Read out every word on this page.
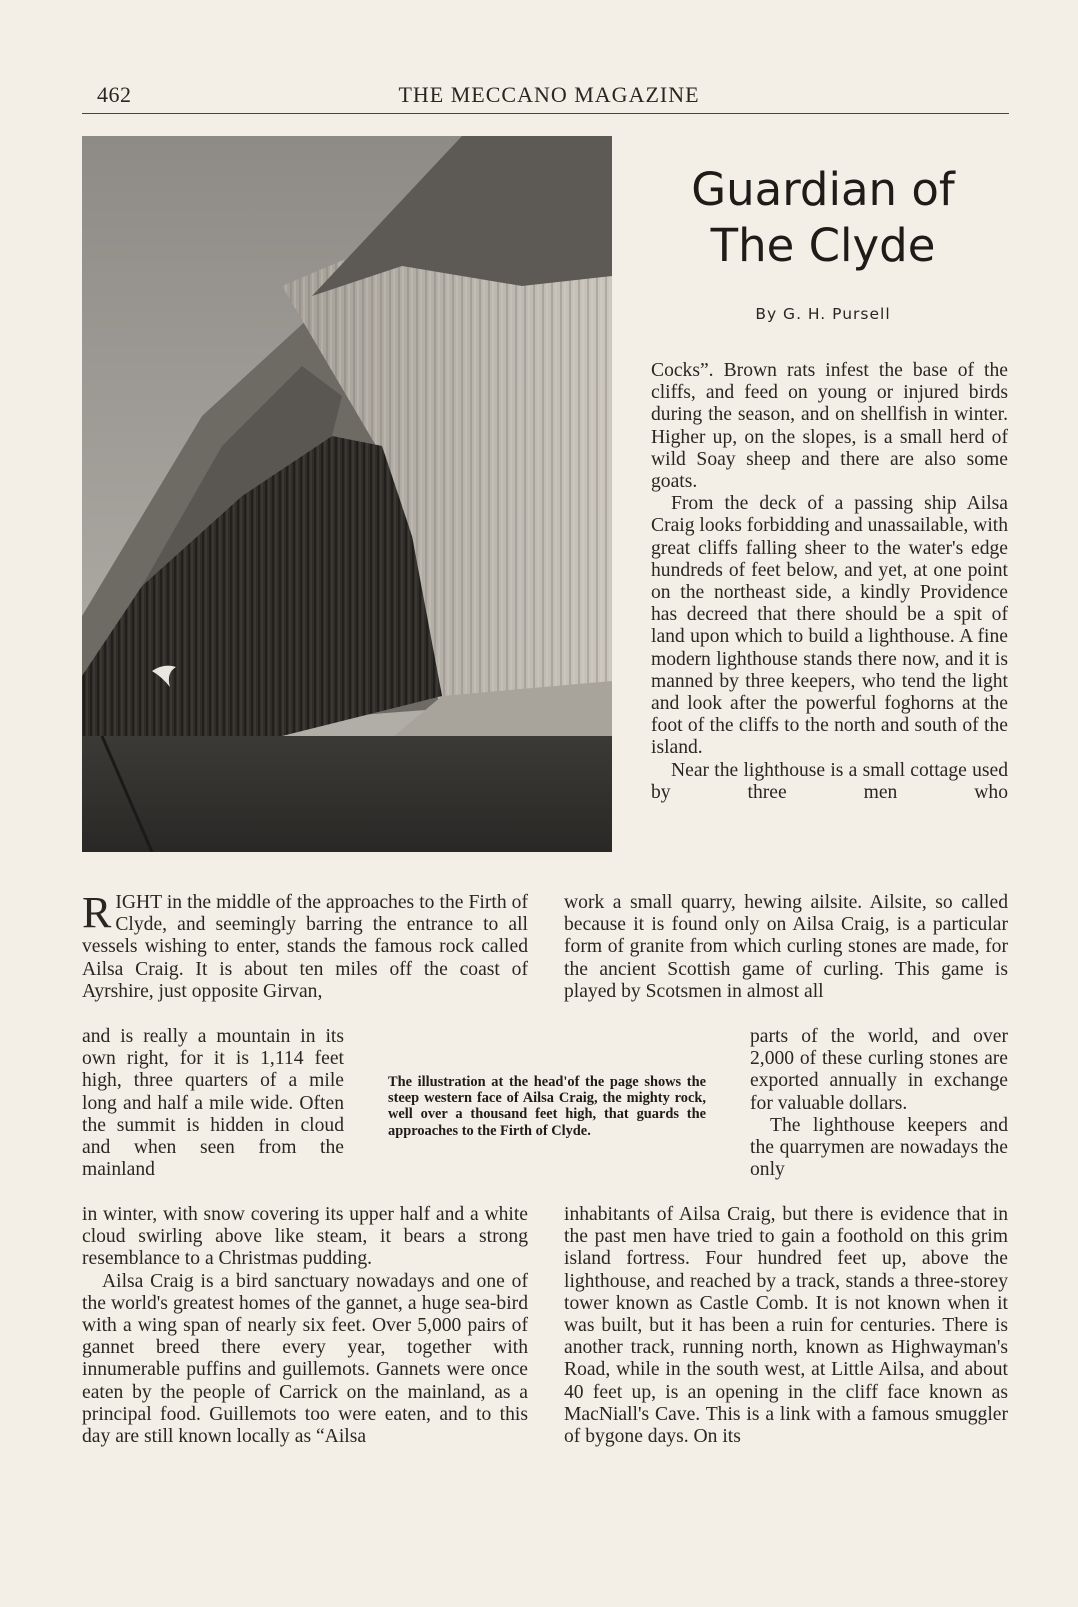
462	THE MECCANO MAGAZINE
Guardian of
The Clyde
By G. H. Pursell

Cocks”. Brown rats infest the base of the cliffs, and feed on young or injured birds during the season, and on shellfish in winter. Higher up, on the slopes, is a small herd of wild Soay sheep and there are also some goats.

From the deck of a passing ship Ailsa Craig looks forbidding and unassailable, with great cliffs falling sheer to the water's edge hundreds of feet below, and yet, at one point on the northeast side, a kindly Providence has decreed that there should be a spit of land upon which to build a lighthouse. A fine modern lighthouse stands there now, and it is manned by three keepers, who tend the light and look after the powerful foghorns at the foot of the cliffs to the north and south of the island.

Near the lighthouse is a small cottage used by three men who

RIGHT in the middle of the approaches to the Firth of Clyde, and seemingly barring the entrance to all vessels wishing to enter, stands the famous rock called Ailsa Craig. It is about ten miles off the coast of Ayrshire, just opposite Girvan,

and is really a mountain in its own right, for it is 1,114 feet high, three quarters of a mile long and half a mile wide. Often the summit is hidden in cloud and when seen from the mainland

The illustration at the head'of the page shows the steep western face of Ailsa Craig, the mighty rock, well over a thousand feet high, that guards the approaches to the Firth of Clyde.

in winter, with snow covering its upper half and a white cloud swirling above like steam, it bears a strong resemblance to a Christmas pudding.

Ailsa Craig is a bird sanctuary nowadays and one of the world's greatest homes of the gannet, a huge sea-bird with a wing span of nearly six feet. Over 5,000 pairs of gannet breed there every year, together with innumerable puffins and guillemots. Gannets were once eaten by the people of Carrick on the mainland, as a principal food. Guillemots too were eaten, and to this day are still known locally as “Ailsa

work a small quarry, hewing ailsite. Ailsite, so called because it is found only on Ailsa Craig, is a particular form of granite from which curling stones are made, for the ancient Scottish game of curling. This game is played by Scotsmen in almost all

parts of the world, and over 2,000 of these curling stones are exported annually in exchange for valuable dollars.

The lighthouse keepers and the quarrymen are nowadays the only

inhabitants of Ailsa Craig, but there is evidence that in the past men have tried to gain a foothold on this grim island fortress. Four hundred feet up, above the lighthouse, and reached by a track, stands a three-storey tower known as Castle Comb. It is not known when it was built, but it has been a ruin for centuries. There is another track, running north, known as Highwayman's Road, while in the south west, at Little Ailsa, and about 40 feet up, is an opening in the cliff face known as MacNiall's Cave. This is a link with a famous smuggler of bygone days. On its
